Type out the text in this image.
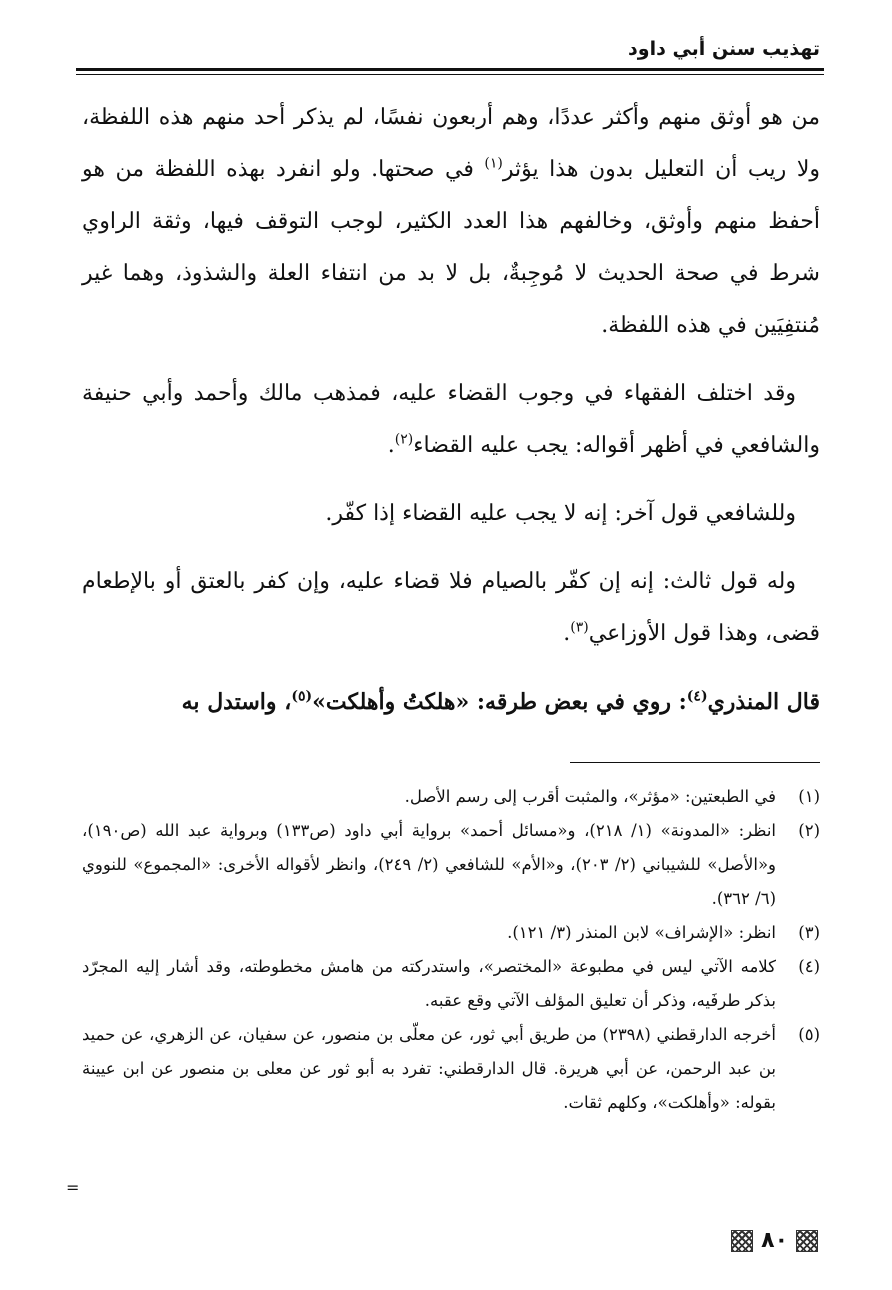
تهذيب سنن أبي داود

من هو أوثق منهم وأكثر عددًا، وهم أربعون نفسًا، لم يذكر أحد منهم هذه اللفظة، ولا ريب أن التعليل بدون هذا يؤثر$^{(١)}$ في صحتها. ولو انفرد بهذه اللفظة من هو أحفظ منهم وأوثق، وخالفهم هذا العدد الكثير، لوجب التوقف فيها، وثقة الراوي شرط في صحة الحديث لا مُوجِبةٌ، بل لا بد من انتفاء العلة والشذوذ، وهما غير مُنتفِيَين في هذه اللفظة.

وقد اختلف الفقهاء في وجوب القضاء عليه، فمذهب مالك وأحمد وأبي حنيفة والشافعي في أظهر أقواله: يجب عليه القضاء$^{(٢)}$.

وللشافعي قول آخر: إنه لا يجب عليه القضاء إذا كفّر.

وله قول ثالث: إنه إن كفّر بالصيام فلا قضاء عليه، وإن كفر بالعتق أو بالإطعام قضى، وهذا قول الأوزاعي$^{(٣)}$.

قال المنذري$^{(٤)}$: روي في بعض طرقه: «هلكتُ وأهلكت»$^{(٥)}$، واستدل به

(١)
في الطبعتين: «مؤثر»، والمثبت أقرب إلى رسم الأصل.
(٢)
انظر: «المدونة» (١/ ٢١٨)، و«مسائل أحمد» برواية أبي داود (ص١٣٣) وبرواية عبد الله (ص١٩٠)، و«الأصل» للشيباني (٢/ ٢٠٣)، و«الأم» للشافعي (٢/ ٢٤٩)، وانظر لأقواله الأخرى: «المجموع» للنووي (٦/ ٣٦٢).
(٣)
انظر: «الإشراف» لابن المنذر (٣/ ١٢١).
(٤)
كلامه الآتي ليس في مطبوعة «المختصر»، واستدركته من هامش مخطوطته، وقد أشار إليه المجرّد بذكر طرفَيه، وذكر أن تعليق المؤلف الآتي وقع عقبه.
(٥)
أخرجه الدارقطني (٢٣٩٨) من طريق أبي ثور، عن معلّى بن منصور، عن سفيان، عن الزهري، عن حميد بن عبد الرحمن، عن أبي هريرة. قال الدارقطني: تفرد به أبو ثور عن معلى بن منصور عن ابن عيينة بقوله: «وأهلكت»، وكلهم ثقات.
=
٨٠
